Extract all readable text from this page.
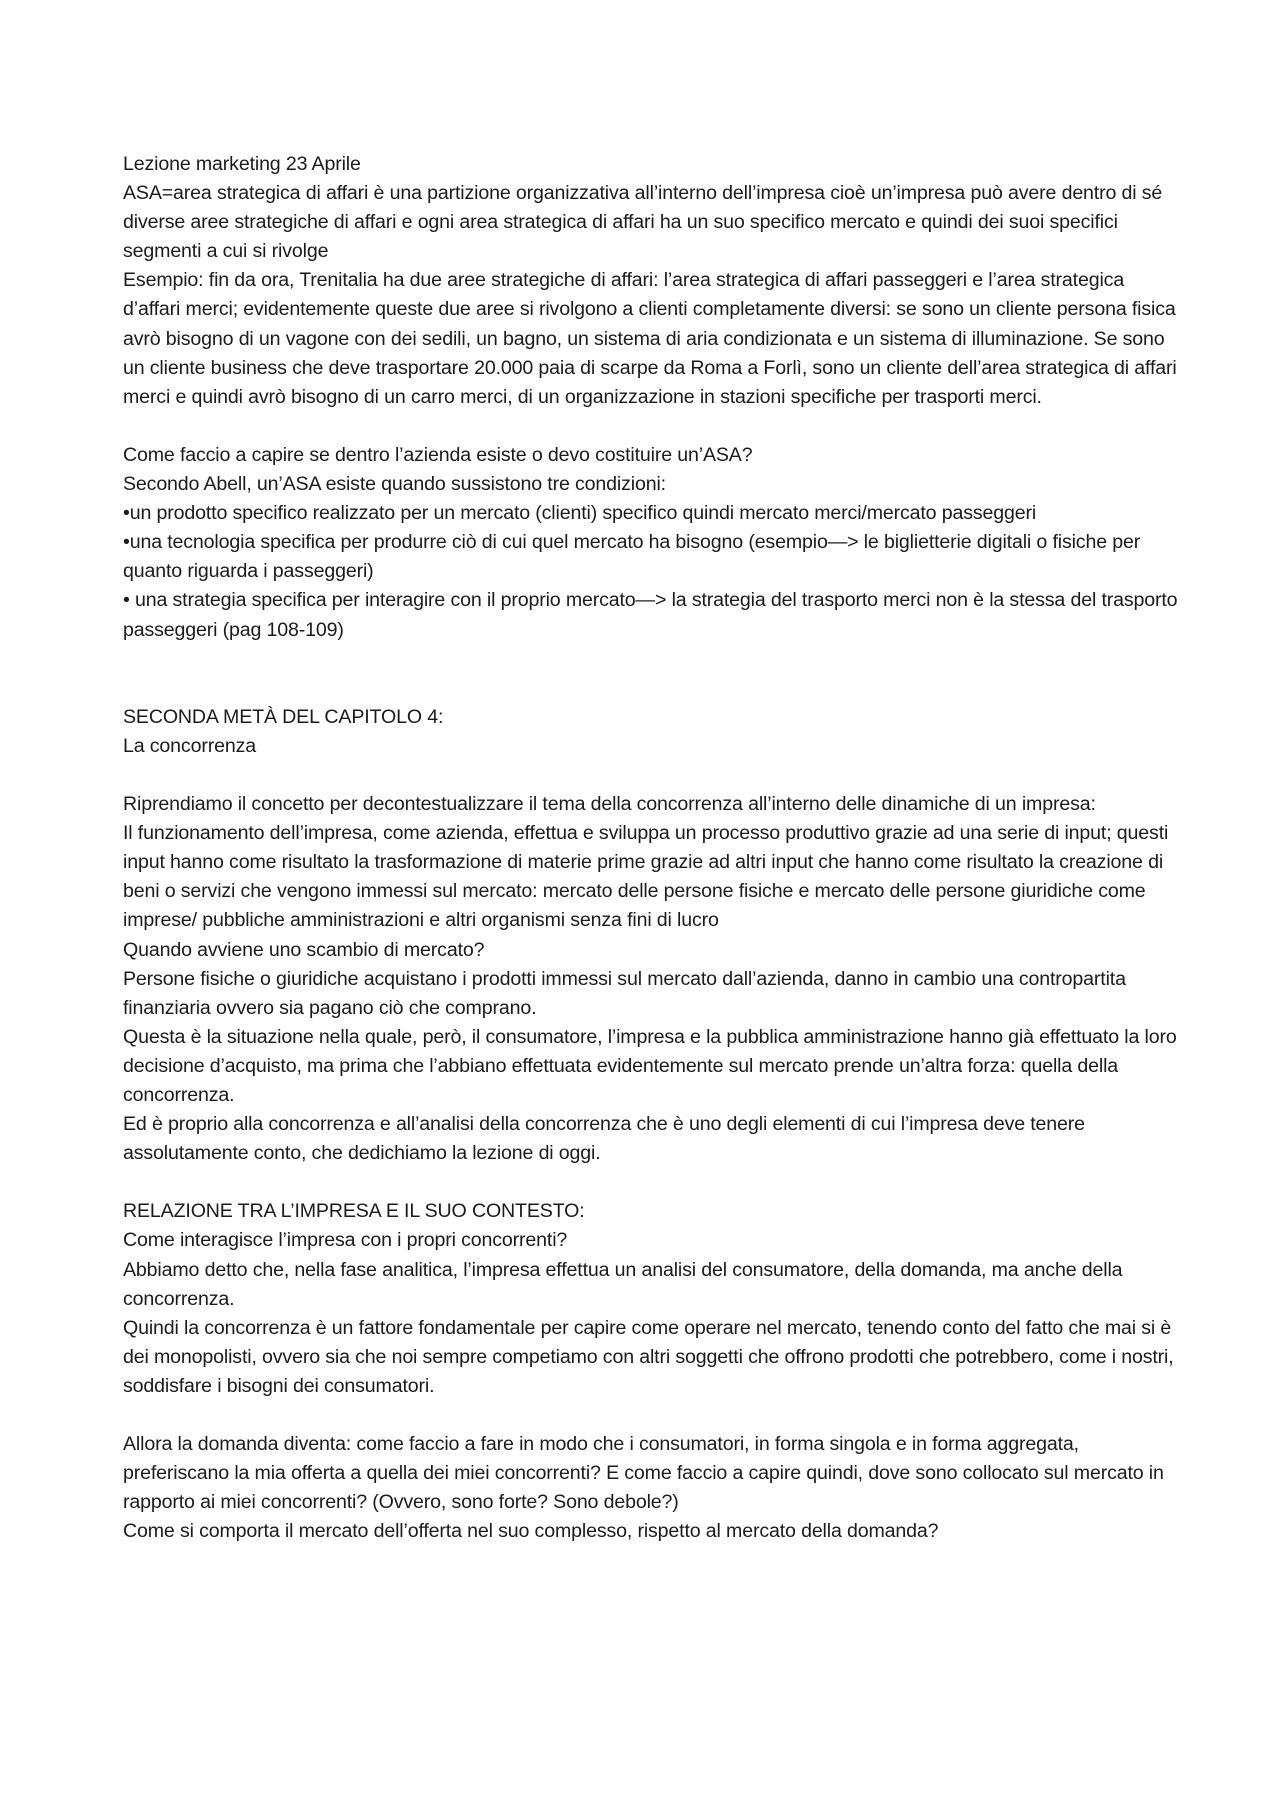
Lezione marketing 23 Aprile

ASA=area strategica di affari è una partizione organizzativa all’interno dell’impresa cioè un’impresa può avere dentro di sé diverse aree strategiche di affari e ogni area strategica di affari ha un suo specifico mercato e quindi dei suoi specifici segmenti a cui si rivolge

Esempio: fin da ora, Trenitalia ha due aree strategiche di affari: l’area strategica di affari passeggeri e l’area strategica d’affari merci; evidentemente queste due aree si rivolgono a clienti completamente diversi: se sono un cliente persona fisica avrò bisogno di un vagone con dei sedili, un bagno, un sistema di aria condizionata e un sistema di illuminazione. Se sono un cliente business che deve trasportare 20.000 paia di scarpe da Roma a Forlì, sono un cliente dell’area strategica di affari merci e quindi avrò bisogno di un carro merci, di un organizzazione in stazioni specifiche per trasporti merci.

Come faccio a capire se dentro l’azienda esiste o devo costituire un’ASA?

Secondo Abell, un’ASA esiste quando sussistono tre condizioni:

•un prodotto specifico realizzato per un mercato (clienti) specifico quindi mercato merci/mercato passeggeri

•una tecnologia specifica per produrre ciò di cui quel mercato ha bisogno (esempio—> le biglietterie digitali o fisiche per quanto riguarda i passeggeri)

• una strategia specifica per interagire con il proprio mercato—> la strategia del trasporto merci non è la stessa del trasporto passeggeri (pag 108-109)

SECONDA METÀ DEL CAPITOLO 4:

La concorrenza

Riprendiamo il concetto per decontestualizzare il tema della concorrenza all’interno delle dinamiche di un impresa:

Il funzionamento dell’impresa, come azienda, effettua e sviluppa un processo produttivo grazie ad una serie di input; questi input hanno come risultato la trasformazione di materie prime grazie ad altri input che hanno come risultato la creazione di beni o servizi che vengono immessi sul mercato: mercato delle persone fisiche e mercato delle persone giuridiche come imprese/ pubbliche amministrazioni e altri organismi senza fini di lucro

Quando avviene uno scambio di mercato?

Persone fisiche o giuridiche acquistano i prodotti immessi sul mercato dall’azienda, danno in cambio una contropartita finanziaria ovvero sia pagano ciò che comprano.

Questa è la situazione nella quale, però, il consumatore, l’impresa e la pubblica amministrazione hanno già effettuato la loro decisione d’acquisto, ma prima che l’abbiano effettuata evidentemente sul mercato prende un’altra forza: quella della concorrenza.

Ed è proprio alla concorrenza e all’analisi della concorrenza che è uno degli elementi di cui l’impresa deve tenere assolutamente conto, che dedichiamo la lezione di oggi.

RELAZIONE TRA L’IMPRESA E IL SUO CONTESTO:

Come interagisce l’impresa con i propri concorrenti?

Abbiamo detto che, nella fase analitica, l’impresa effettua un analisi del consumatore, della domanda, ma anche della concorrenza.

Quindi la concorrenza è un fattore fondamentale per capire come operare nel mercato, tenendo conto del fatto che mai si è dei monopolisti, ovvero sia che noi sempre competiamo con altri soggetti che offrono prodotti che potrebbero, come i nostri, soddisfare i bisogni dei consumatori.

Allora la domanda diventa: come faccio a fare in modo che i consumatori, in forma singola e in forma aggregata, preferiscano la mia offerta a quella dei miei concorrenti? E come faccio a capire quindi, dove sono collocato sul mercato in rapporto ai miei concorrenti? (Ovvero, sono forte? Sono debole?)

Come si comporta il mercato dell’offerta nel suo complesso, rispetto al mercato della domanda?
